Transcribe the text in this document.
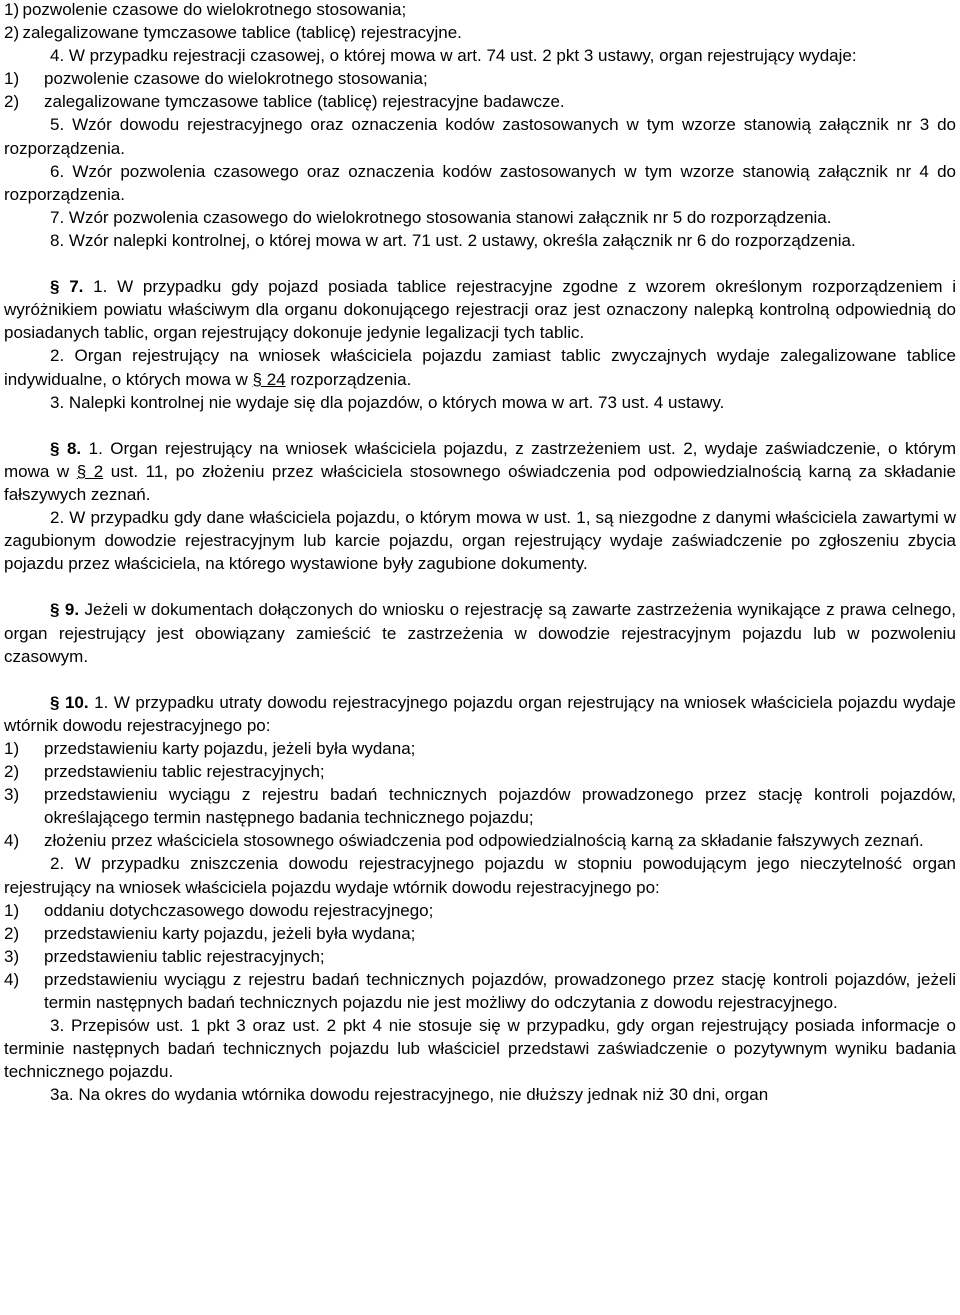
1) pozwolenie czasowe do wielokrotnego stosowania;

2) zalegalizowane tymczasowe tablice (tablicę) rejestracyjne.

4. W przypadku rejestracji czasowej, o której mowa w art. 74 ust. 2 pkt 3 ustawy, organ rejestrujący wydaje:

1)	pozwolenie czasowe do wielokrotnego stosowania;
2)	zalegalizowane tymczasowe tablice (tablicę) rejestracyjne badawcze.

5. Wzór dowodu rejestracyjnego oraz oznaczenia kodów zastosowanych w tym wzorze stanowią załącznik nr 3 do rozporządzenia.

6. Wzór pozwolenia czasowego oraz oznaczenia kodów zastosowanych w tym wzorze stanowią załącznik nr 4 do rozporządzenia.

7. Wzór pozwolenia czasowego do wielokrotnego stosowania stanowi załącznik nr 5 do rozporządzenia.

8. Wzór nalepki kontrolnej, o której mowa w art. 71 ust. 2 ustawy, określa załącznik nr 6 do rozporządzenia.

§ 7. 1. W przypadku gdy pojazd posiada tablice rejestracyjne zgodne z wzorem określonym rozporządzeniem i wyróżnikiem powiatu właściwym dla organu dokonującego rejestracji oraz jest oznaczony nalepką kontrolną odpowiednią do posiadanych tablic, organ rejestrujący dokonuje jedynie legalizacji tych tablic.

2. Organ rejestrujący na wniosek właściciela pojazdu zamiast tablic zwyczajnych wydaje zalegalizowane tablice indywidualne, o których mowa w § 24 rozporządzenia.

3. Nalepki kontrolnej nie wydaje się dla pojazdów, o których mowa w art. 73 ust. 4 ustawy.

§ 8. 1. Organ rejestrujący na wniosek właściciela pojazdu, z zastrzeżeniem ust. 2, wydaje zaświadczenie, o którym mowa w § 2 ust. 11, po złożeniu przez właściciela stosownego oświadczenia pod odpowiedzialnością karną za składanie fałszywych zeznań.

2. W przypadku gdy dane właściciela pojazdu, o którym mowa w ust. 1, są niezgodne z danymi właściciela zawartymi w zagubionym dowodzie rejestracyjnym lub karcie pojazdu, organ rejestrujący wydaje zaświadczenie po zgłoszeniu zbycia pojazdu przez właściciela, na którego wystawione były zagubione dokumenty.

§ 9. Jeżeli w dokumentach dołączonych do wniosku o rejestrację są zawarte zastrzeżenia wynikające z prawa celnego, organ rejestrujący jest obowiązany zamieścić te zastrzeżenia w dowodzie rejestracyjnym pojazdu lub w pozwoleniu czasowym.

§ 10. 1. W przypadku utraty dowodu rejestracyjnego pojazdu organ rejestrujący na wniosek właściciela pojazdu wydaje wtórnik dowodu rejestracyjnego po:

1)	przedstawieniu karty pojazdu, jeżeli była wydana;
2)	przedstawieniu tablic rejestracyjnych;
3)	przedstawieniu wyciągu z rejestru badań technicznych pojazdów prowadzonego przez stację kontroli pojazdów, określającego termin następnego badania technicznego pojazdu;
4)	złożeniu przez właściciela stosownego oświadczenia pod odpowiedzialnością karną za składanie fałszywych zeznań.

2. W przypadku zniszczenia dowodu rejestracyjnego pojazdu w stopniu powodującym jego nieczytelność organ rejestrujący na wniosek właściciela pojazdu wydaje wtórnik dowodu rejestracyjnego po:

1)	oddaniu dotychczasowego dowodu rejestracyjnego;
2)	przedstawieniu karty pojazdu, jeżeli była wydana;
3)	przedstawieniu tablic rejestracyjnych;
4)	przedstawieniu wyciągu z rejestru badań technicznych pojazdów, prowadzonego przez stację kontroli pojazdów, jeżeli termin następnych badań technicznych pojazdu nie jest możliwy do odczytania z dowodu rejestracyjnego.

3. Przepisów ust. 1 pkt 3 oraz ust. 2 pkt 4 nie stosuje się w przypadku, gdy organ rejestrujący posiada informacje o terminie następnych badań technicznych pojazdu lub właściciel przedstawi zaświadczenie o pozytywnym wyniku badania technicznego pojazdu.

3a. Na okres do wydania wtórnika dowodu rejestracyjnego, nie dłuższy jednak niż 30 dni, organ
